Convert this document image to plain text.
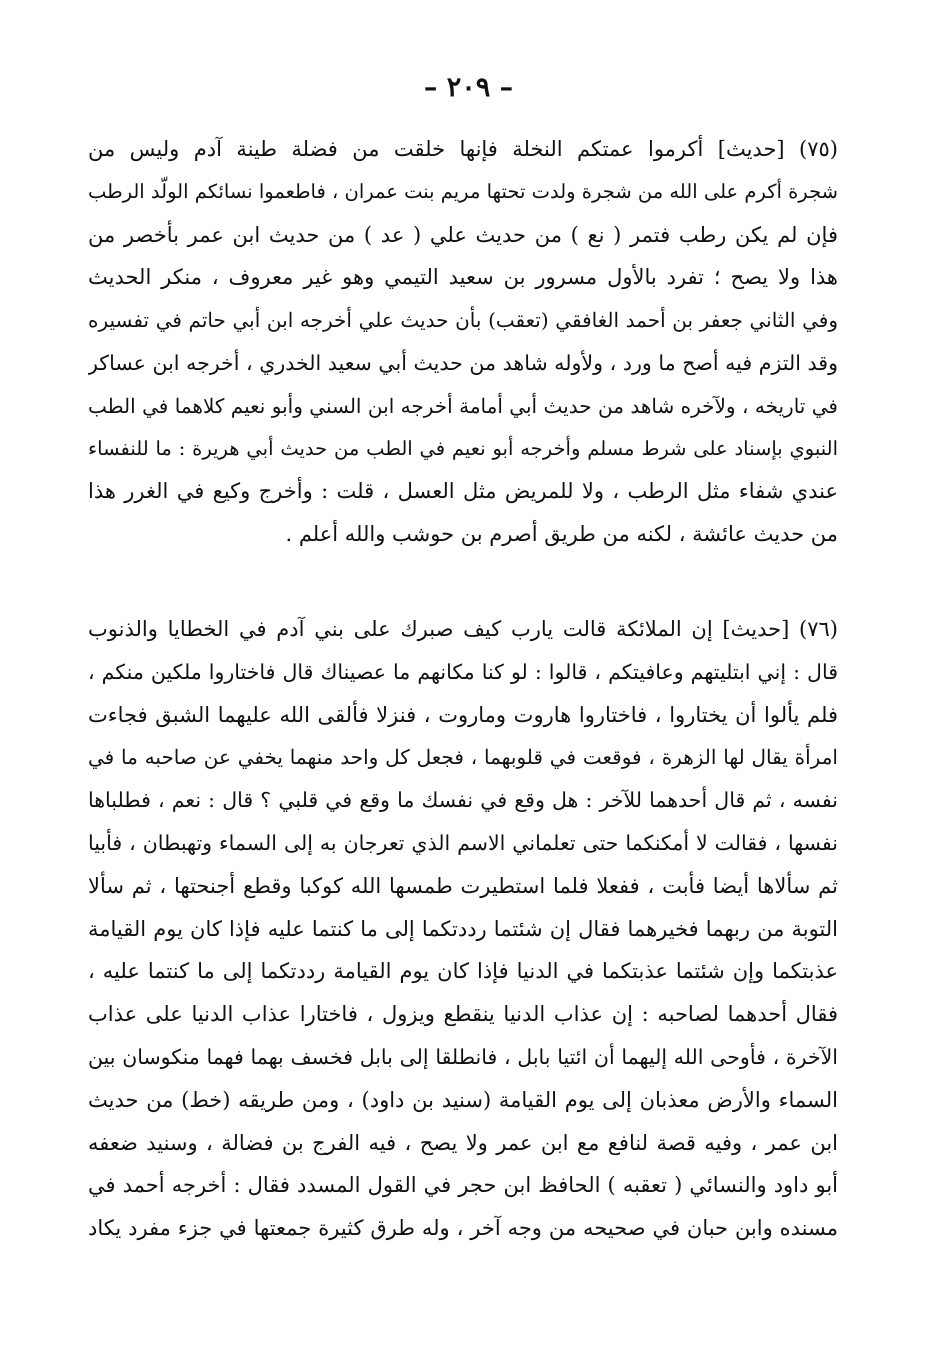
– ٢٠٩ –
(٧٥) [حديث] أكرموا عمتكم النخلة فإنها خلقت من فضلة طينة آدم وليس من
شجرة أكرم على الله من شجرة ولدت تحتها مريم بنت عمران ، فاطعموا نسائكم الولّد الرطب
فإن لم يكن رطب فتمر ( نع ) من حديث علي ( عد ) من حديث ابن عمر بأخصر من
هذا ولا يصح ؛ تفرد بالأول مسرور بن سعيد التيمي وهو غير معروف ، منكر الحديث
وفي الثاني جعفر بن أحمد الغافقي (تعقب) بأن حديث علي أخرجه ابن أبي حاتم في تفسيره
وقد التزم فيه أصح ما ورد ، ولأوله شاهد من حديث أبي سعيد الخدري ، أخرجه ابن عساكر
في تاريخه ، ولآخره شاهد من حديث أبي أمامة أخرجه ابن السني وأبو نعيم كلاهما في الطب
النبوي بإسناد على شرط مسلم وأخرجه أبو نعيم في الطب من حديث أبي هريرة : ما للنفساء
عندي شفاء مثل الرطب ، ولا للمريض مثل العسل ، قلت : وأخرج وكيع في الغرر هذا
من حديث عائشة ، لكنه من طريق أصرم بن حوشب والله أعلم .
(٧٦) [حديث] إن الملائكة قالت يارب كيف صبرك على بني آدم في الخطايا والذنوب
قال : إني ابتليتهم وعافيتكم ، قالوا : لو كنا مكانهم ما عصيناك قال فاختاروا ملكين منكم ،
فلم يألوا أن يختاروا ، فاختاروا هاروت وماروت ، فنزلا فألقى الله عليهما الشبق فجاءت
امرأة يقال لها الزهرة ، فوقعت في قلوبهما ، فجعل كل واحد منهما يخفي عن صاحبه ما في
نفسه ، ثم قال أحدهما للآخر : هل وقع في نفسك ما وقع في قلبي ؟ قال : نعم ، فطلباها
نفسها ، فقالت لا أمكنكما حتى تعلماني الاسم الذي تعرجان به إلى السماء وتهبطان ، فأبيا
ثم سألاها أيضا فأبت ، ففعلا فلما استطيرت طمسها الله كوكبا وقطع أجنحتها ، ثم سألا
التوبة من ربهما فخيرهما فقال إن شئتما رددتكما إلى ما كنتما عليه فإذا كان يوم القيامة
عذبتكما وإن شئتما عذبتكما في الدنيا فإذا كان يوم القيامة رددتكما إلى ما كنتما عليه ،
فقال أحدهما لصاحبه : إن عذاب الدنيا ينقطع ويزول ، فاختارا عذاب الدنيا على عذاب
الآخرة ، فأوحى الله إليهما أن ائتيا بابل ، فانطلقا إلى بابل فخسف بهما فهما منكوسان بين
السماء والأرض معذبان إلى يوم القيامة (سنيد بن داود) ، ومن طريقه (خط) من حديث
ابن عمر ، وفيه قصة لنافع مع ابن عمر ولا يصح ، فيه الفرج بن فضالة ، وسنيد ضعفه
أبو داود والنسائي ( تعقبه ) الحافظ ابن حجر في القول المسدد فقال : أخرجه أحمد في
مسنده وابن حبان في صحيحه من وجه آخر ، وله طرق كثيرة جمعتها في جزء مفرد يكاد
